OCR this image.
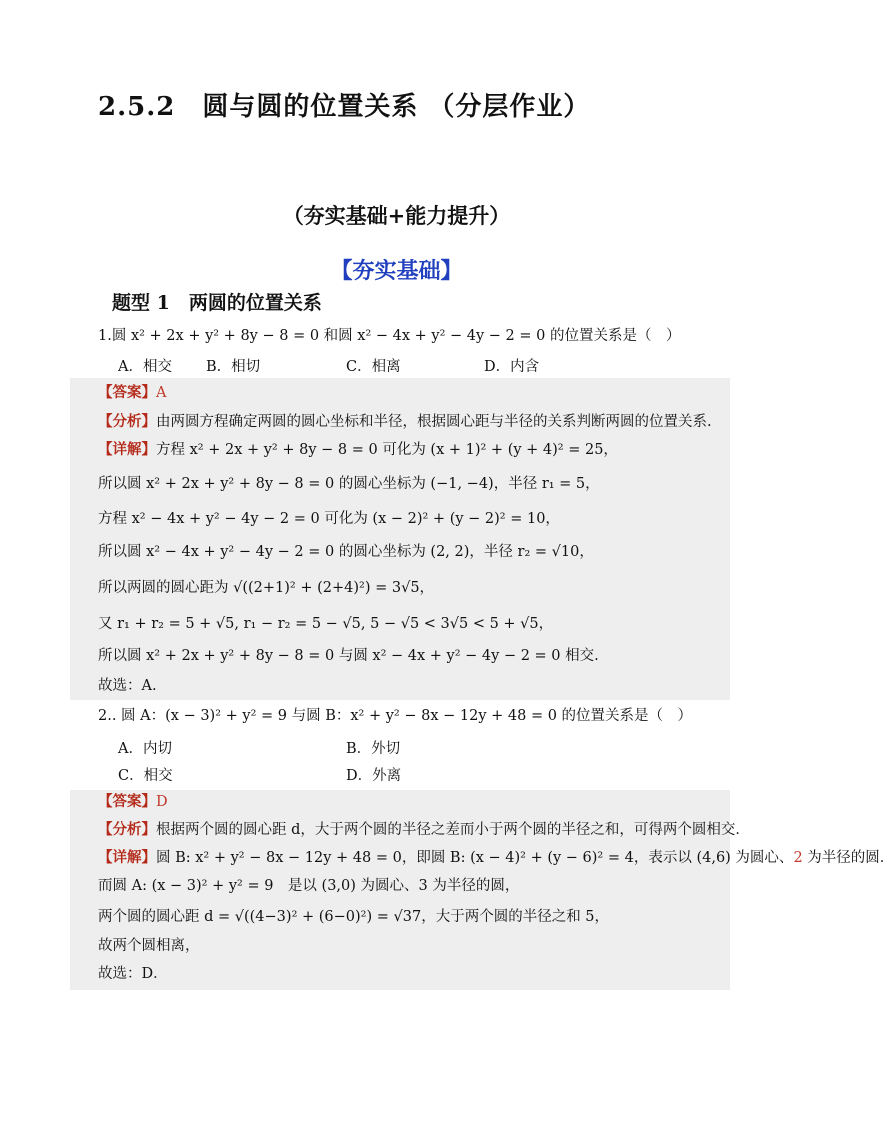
2.5.2　圆与圆的位置关系 （分层作业）
（夯实基础+能力提升）
【夯实基础】
题型 1　两圆的位置关系
1.圆 x² + 2x + y² + 8y − 8 = 0 和圆 x² − 4x + y² − 4y − 2 = 0 的位置关系是（　）
A．相交 B．相切	C．相离	D．内含
【答案】A
【分析】由两圆方程确定两圆的圆心坐标和半径，根据圆心距与半径的关系判断两圆的位置关系.
【详解】方程 x² + 2x + y² + 8y − 8 = 0 可化为 (x + 1)² + (y + 4)² = 25，
所以圆 x² + 2x + y² + 8y − 8 = 0 的圆心坐标为 (−1, −4)，半径 r₁ = 5，
方程 x² − 4x + y² − 4y − 2 = 0 可化为 (x − 2)² + (y − 2)² = 10，
所以圆 x² − 4x + y² − 4y − 2 = 0 的圆心坐标为 (2, 2)，半径 r₂ = √10，
所以两圆的圆心距为 √((2+1)² + (2+4)²) = 3√5，
又 r₁ + r₂ = 5 + √5, r₁ − r₂ = 5 − √5, 5 − √5 < 3√5 < 5 + √5，
所以圆 x² + 2x + y² + 8y − 8 = 0 与圆 x² − 4x + y² − 4y − 2 = 0 相交.
故选：A.
2.. 圆 A：(x − 3)² + y² = 9 与圆 B：x² + y² − 8x − 12y + 48 = 0 的位置关系是（　）
A．内切	B．外切
C．相交	D．外离
【答案】D
【分析】根据两个圆的圆心距 d，大于两个圆的半径之差而小于两个圆的半径之和，可得两个圆相交．
【详解】圆 B: x² + y² − 8x − 12y + 48 = 0，即圆 B: (x − 4)² + (y − 6)² = 4，表示以 (4,6) 为圆心、2 为半径的圆．
而圆 A: (x − 3)² + y² = 9　是以 (3,0) 为圆心、3 为半径的圆，
两个圆的圆心距 d = √((4−3)² + (6−0)²) = √37，大于两个圆的半径之和 5，
故两个圆相离，
故选：D．
